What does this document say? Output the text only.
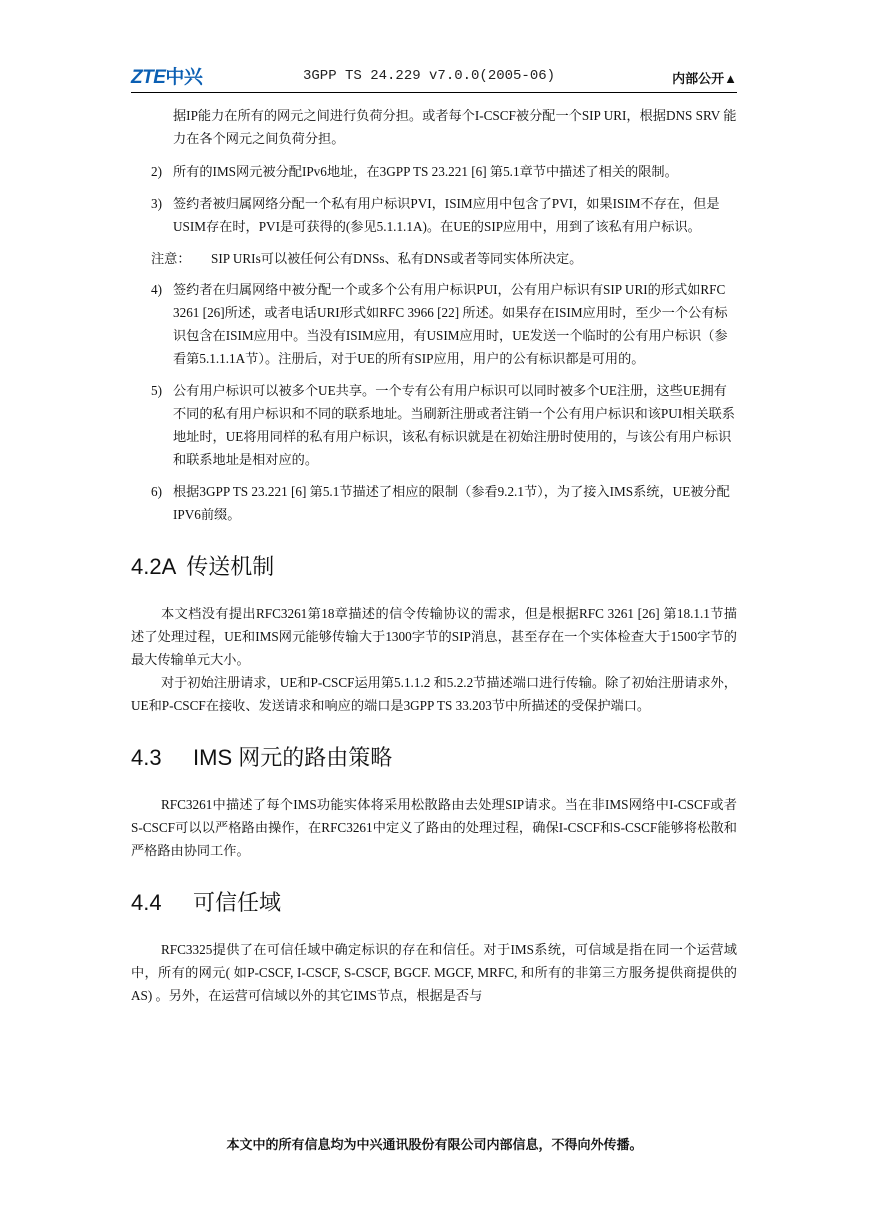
ZTE中兴	3GPP TS 24.229 v7.0.0(2005-06)	内部公开▲

据IP能力在所有的网元之间进行负荷分担。或者每个I-CSCF被分配一个SIP URI，根据DNS SRV 能力在各个网元之间负荷分担。

2) 所有的IMS网元被分配IPv6地址，在3GPP TS 23.221 [6] 第5.1章节中描述了相关的限制。
3) 签约者被归属网络分配一个私有用户标识PVI，ISIM应用中包含了PVI，如果ISIM不存在，但是USIM存在时，PVI是可获得的(参见5.1.1.1A)。在UE的SIP应用中，用到了该私有用户标识。
注意： SIP URIs可以被任何公有DNSs、私有DNS或者等同实体所决定。
4) 签约者在归属网络中被分配一个或多个公有用户标识PUI，公有用户标识有SIP URI的形式如RFC 3261 [26]所述，或者电话URI形式如RFC 3966 [22] 所述。如果存在ISIM应用时，至少一个公有标识包含在ISIM应用中。当没有ISIM应用，有USIM应用时，UE发送一个临时的公有用户标识（参看第5.1.1.1A节）。注册后，对于UE的所有SIP应用，用户的公有标识都是可用的。
5) 公有用户标识可以被多个UE共享。一个专有公有用户标识可以同时被多个UE注册，这些UE拥有不同的私有用户标识和不同的联系地址。当刷新注册或者注销一个公有用户标识和该PUI相关联系地址时，UE将用同样的私有用户标识，该私有标识就是在初始注册时使用的，与该公有用户标识和联系地址是相对应的。
6) 根据3GPP TS 23.221 [6] 第5.1节描述了相应的限制（参看9.2.1节），为了接入IMS系统，UE被分配IPV6前缀。
4.2A 传送机制

本文档没有提出RFC3261第18章描述的信令传输协议的需求，但是根据RFC 3261 [26] 第18.1.1节描述了处理过程，UE和IMS网元能够传输大于1300字节的SIP消息，甚至存在一个实体检查大于1500字节的最大传输单元大小。

对于初始注册请求，UE和P-CSCF运用第5.1.1.2 和5.2.2节描述端口进行传输。除了初始注册请求外，UE和P-CSCF在接收、发送请求和响应的端口是3GPP TS 33.203节中所描述的受保护端口。

4.3 IMS 网元的路由策略

RFC3261中描述了每个IMS功能实体将采用松散路由去处理SIP请求。当在非IMS网络中I-CSCF或者S-CSCF可以以严格路由操作，在RFC3261中定义了路由的处理过程，确保I-CSCF和S-CSCF能够将松散和严格路由协同工作。

4.4 可信任域

RFC3325提供了在可信任域中确定标识的存在和信任。对于IMS系统，可信域是指在同一个运营域中，所有的网元( 如P-CSCF, I-CSCF, S-CSCF, BGCF. MGCF, MRFC, 和所有的非第三方服务提供商提供的AS) 。另外，在运营可信域以外的其它IMS节点，根据是否与

本文中的所有信息均为中兴通讯股份有限公司内部信息，不得向外传播。
